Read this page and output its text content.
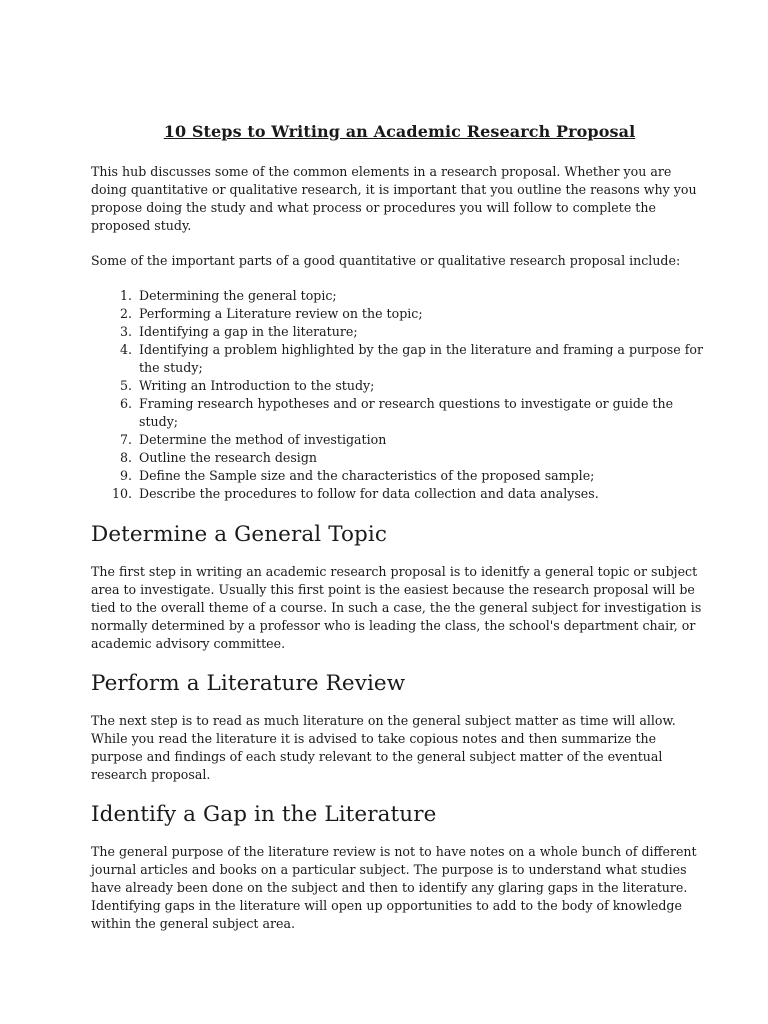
10 Steps to Writing an Academic Research Proposal

This hub discusses some of the common elements in a research proposal. Whether you are doing quantitative or qualitative research, it is important that you outline the reasons why you propose doing the study and what process or procedures you will follow to complete the proposed study.

Some of the important parts of a good quantitative or qualitative research proposal include:

1. Determining the general topic;
2. Performing a Literature review on the topic;
3. Identifying a gap in the literature;
4. Identifying a problem highlighted by the gap in the literature and framing a purpose for the study;
5. Writing an Introduction to the study;
6. Framing research hypotheses and or research questions to investigate or guide the study;
7. Determine the method of investigation
8. Outline the research design
9. Define the Sample size and the characteristics of the proposed sample;
10. Describe the procedures to follow for data collection and data analyses.
Determine a General Topic

The first step in writing an academic research proposal is to idenitfy a general topic or subject area to investigate. Usually this first point is the easiest because the research proposal will be tied to the overall theme of a course. In such a case, the the general subject for investigation is normally determined by a professor who is leading the class, the school's department chair, or academic advisory committee.

Perform a Literature Review

The next step is to read as much literature on the general subject matter as time will allow. While you read the literature it is advised to take copious notes and then summarize the purpose and findings of each study relevant to the general subject matter of the eventual research proposal.

Identify a Gap in the Literature

The general purpose of the literature review is not to have notes on a whole bunch of different journal articles and books on a particular subject. The purpose is to understand what studies have already been done on the subject and then to identify any glaring gaps in the literature. Identifying gaps in the literature will open up opportunities to add to the body of knowledge within the general subject area.
